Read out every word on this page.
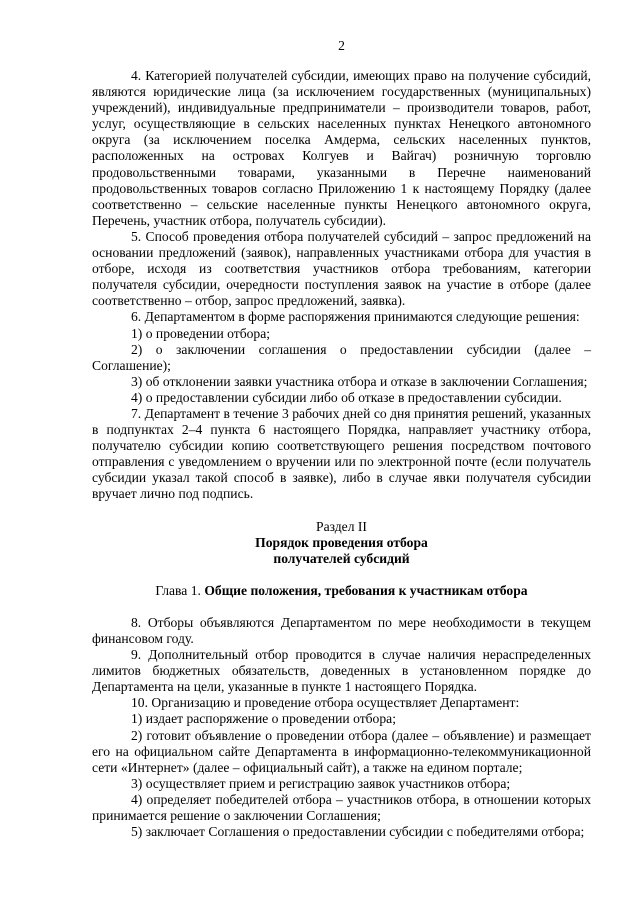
2

4. Категорией получателей субсидии, имеющих право на получение субсидий, являются юридические лица (за исключением государственных (муниципальных) учреждений), индивидуальные предприниматели – производители товаров, работ, услуг, осуществляющие в сельских населенных пунктах Ненецкого автономного округа (за исключением поселка Амдерма, сельских населенных пунктов, расположенных на островах Колгуев и Вайгач) розничную торговлю продовольственными товарами, указанными в Перечне наименований продовольственных товаров согласно Приложению 1 к настоящему Порядку (далее соответственно – сельские населенные пункты Ненецкого автономного округа, Перечень, участник отбора, получатель субсидии).

5. Способ проведения отбора получателей субсидий – запрос предложений на основании предложений (заявок), направленных участниками отбора для участия в отборе, исходя из соответствия участников отбора требованиям, категории получателя субсидии, очередности поступления заявок на участие в отборе (далее соответственно – отбор, запрос предложений, заявка).

6. Департаментом в форме распоряжения принимаются следующие решения:

1) о проведении отбора;

2) о заключении соглашения о предоставлении субсидии (далее – Соглашение);

3) об отклонении заявки участника отбора и отказе в заключении Соглашения;

4) о предоставлении субсидии либо об отказе в предоставлении субсидии.

7. Департамент в течение 3 рабочих дней со дня принятия решений, указанных в подпунктах 2–4 пункта 6 настоящего Порядка, направляет участнику отбора, получателю субсидии копию соответствующего решения посредством почтового отправления с уведомлением о вручении или по электронной почте (если получатель субсидии указал такой способ в заявке), либо в случае явки получателя субсидии вручает лично под подпись.

Раздел II

Порядок проведения отбора

получателей субсидий

Глава 1. Общие положения, требования к участникам отбора

8. Отборы объявляются Департаментом по мере необходимости в текущем финансовом году.

9. Дополнительный отбор проводится в случае наличия нераспределенных лимитов бюджетных обязательств, доведенных в установленном порядке до Департамента на цели, указанные в пункте 1 настоящего Порядка.

10. Организацию и проведение отбора осуществляет Департамент:

1) издает распоряжение о проведении отбора;

2) готовит объявление о проведении отбора (далее – объявление) и размещает его на официальном сайте Департамента в информационно-телекоммуникационной сети «Интернет» (далее – официальный сайт), а также на едином портале;

3) осуществляет прием и регистрацию заявок участников отбора;

4) определяет победителей отбора – участников отбора, в отношении которых принимается решение о заключении Соглашения;

5) заключает Соглашения о предоставлении субсидии с победителями отбора;
